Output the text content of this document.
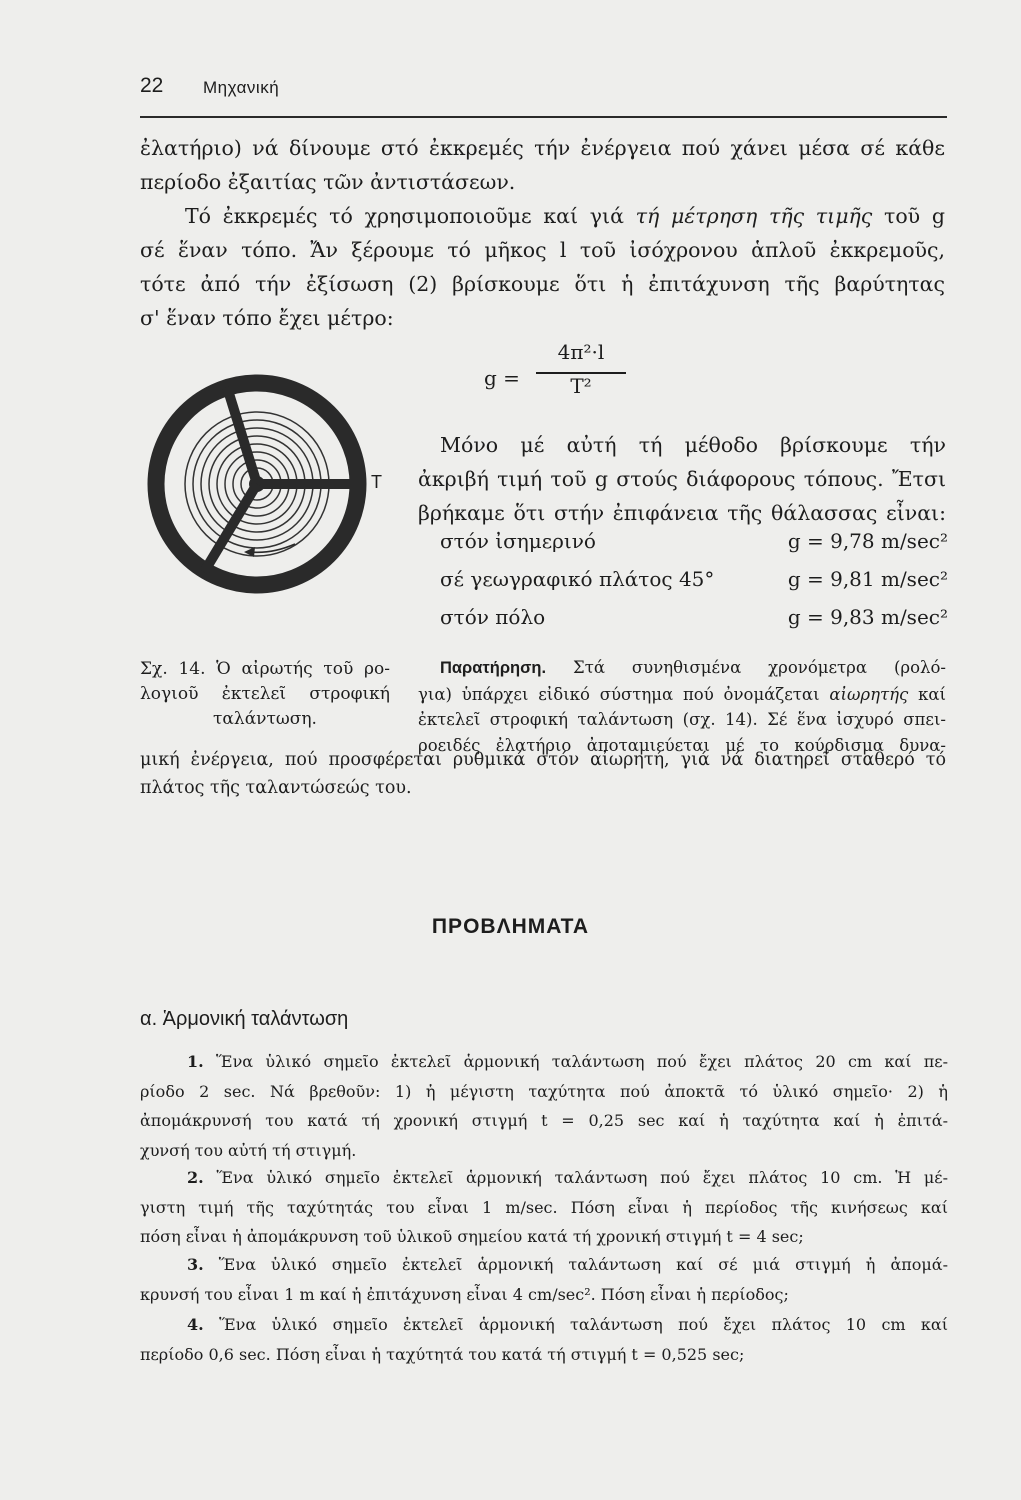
22 Μηχανική
ἐλατήριο) νά δίνουμε στό ἐκκρεμές τήν ἐνέργεια πού χάνει μέσα σέ κάθε
περίοδο ἐξαιτίας τῶν ἀντιστάσεων.
Τό ἐκκρεμές τό χρησιμοποιοῦμε καί γιά τή μέτρηση τῆς τιμῆς τοῦ g
σέ ἕναν τόπο. Ἄν ξέρουμε τό μῆκος l τοῦ ἰσόχρονου ἁπλοῦ ἐκκρεμοῦς,
τότε ἀπό τήν ἐξίσωση (2) βρίσκουμε ὅτι ἡ ἐπιτάχυνση τῆς βαρύτητας
σ' ἕναν τόπο ἔχει μέτρο:
g =
4π²·l
T²
T
Μόνο μέ αὐτή τή μέθοδο βρίσκουμε τήν
ἀκριβή τιμή τοῦ g στούς διάφορους τόπους. Ἔτσι
βρήκαμε ὅτι στήν ἐπιφάνεια τῆς θάλασσας εἶναι:
στόν ἰσημερινό	g = 9,78 m/sec²
σέ γεωγραφικό πλάτος 45°	g = 9,81 m/sec²
στόν πόλο	g = 9,83 m/sec²
Σχ. 14. Ὁ αἰρωτής τοῦ ρο-
λογιοῦ ἐκτελεῖ στροφική
ταλάντωση.
Παρατήρηση. Στά συνηθισμένα χρονόμετρα (ρολό-
για) ὑπάρχει εἰδικό σύστημα πού ὀνομάζεται αἰωρητής καί
ἐκτελεῖ στροφική ταλάντωση (σχ. 14). Σέ ἕνα ἰσχυρό σπει-
ροειδές ἐλατήριο ἀποταμιεύεται μέ το κούρδισμα δυνα-
μική ἐνέργεια, πού προσφέρεται ρυθμικά στόν αἰωρητή, γιά νά διατηρεῖ σταθερό τό
πλάτος τῆς ταλαντώσεώς του.
ΠΡΟΒΛΗΜΑΤΑ
α. Ἁρμονική ταλάντωση
1. Ἕνα ὑλικό σημεῖο ἐκτελεῖ ἁρμονική ταλάντωση πού ἔχει πλάτος 20 cm καί πε-
ρίοδο 2 sec. Νά βρεθοῦν: 1) ἡ μέγιστη ταχύτητα πού ἀποκτᾶ τό ὑλικό σημεῖο· 2) ἡ
ἀπομάκρυνσή του κατά τή χρονική στιγμή t = 0,25 sec καί ἡ ταχύτητα καί ἡ ἐπιτά-
χυνσή του αὐτή τή στιγμή.
2. Ἕνα ὑλικό σημεῖο ἐκτελεῖ ἁρμονική ταλάντωση πού ἔχει πλάτος 10 cm. Ἡ μέ-
γιστη τιμή τῆς ταχύτητάς του εἶναι 1 m/sec. Πόση εἶναι ἡ περίοδος τῆς κινήσεως καί
πόση εἶναι ἡ ἀπομάκρυνση τοῦ ὑλικοῦ σημείου κατά τή χρονική στιγμή t = 4 sec;
3. Ἕνα ὑλικό σημεῖο ἐκτελεῖ ἁρμονική ταλάντωση καί σέ μιά στιγμή ἡ ἀπομά-
κρυνσή του εἶναι 1 m καί ἡ ἐπιτάχυνση εἶναι 4 cm/sec². Πόση εἶναι ἡ περίοδος;
4. Ἕνα ὑλικό σημεῖο ἐκτελεῖ ἁρμονική ταλάντωση πού ἔχει πλάτος 10 cm καί
περίοδο 0,6 sec. Πόση εἶναι ἡ ταχύτητά του κατά τή στιγμή t = 0,525 sec;
